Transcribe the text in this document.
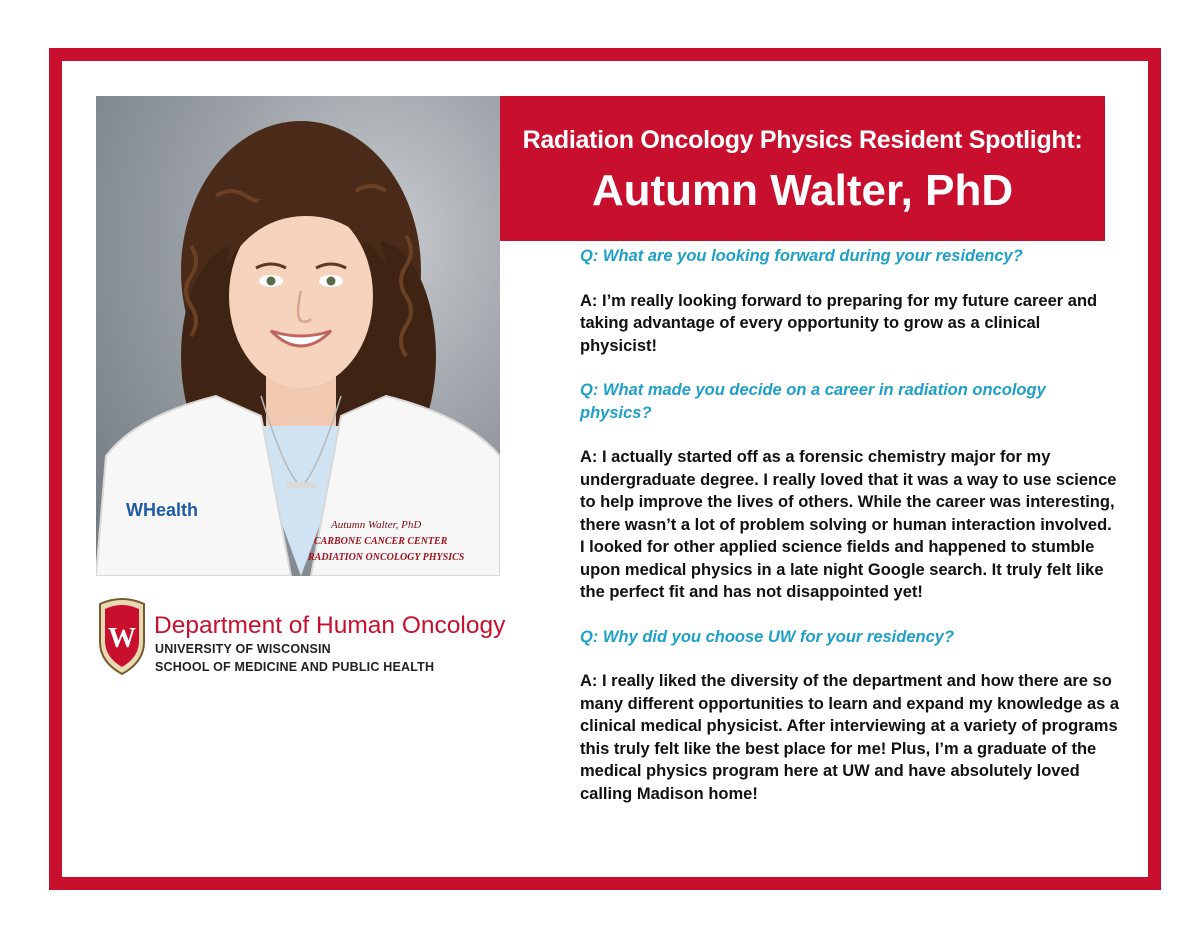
WHealth
Autumn Walter, PhD
CARBONE CANCER CENTER
RADIATION ONCOLOGY PHYSICS
Radiation Oncology Physics Resident Spotlight:
Autumn Walter, PhD

Q: What are you looking forward during your residency?

A: I’m really looking forward to preparing for my future career and taking advantage of every opportunity to grow as a clinical physicist!

Q: What made you decide on a career in radiation oncology physics?

A: I actually started off as a forensic chemistry major for my undergraduate degree. I really loved that it was a way to use science to help improve the lives of others. While the career was interesting, there wasn’t a lot of problem solving or human interaction involved. I looked for other applied science fields and happened to stumble upon medical physics in a late night Google search. It truly felt like the perfect fit and has not disappointed yet!

Q: Why did you choose UW for your residency?

A: I really liked the diversity of the department and how there are so many different opportunities to learn and expand my knowledge as a clinical medical physicist. After interviewing at a variety of programs this truly felt like the best place for me! Plus, I’m a graduate of the medical physics program here at UW and have absolutely loved calling Madison home!

W Department of Human Oncology
UNIVERSITY OF WISCONSIN
SCHOOL OF MEDICINE AND PUBLIC HEALTH
